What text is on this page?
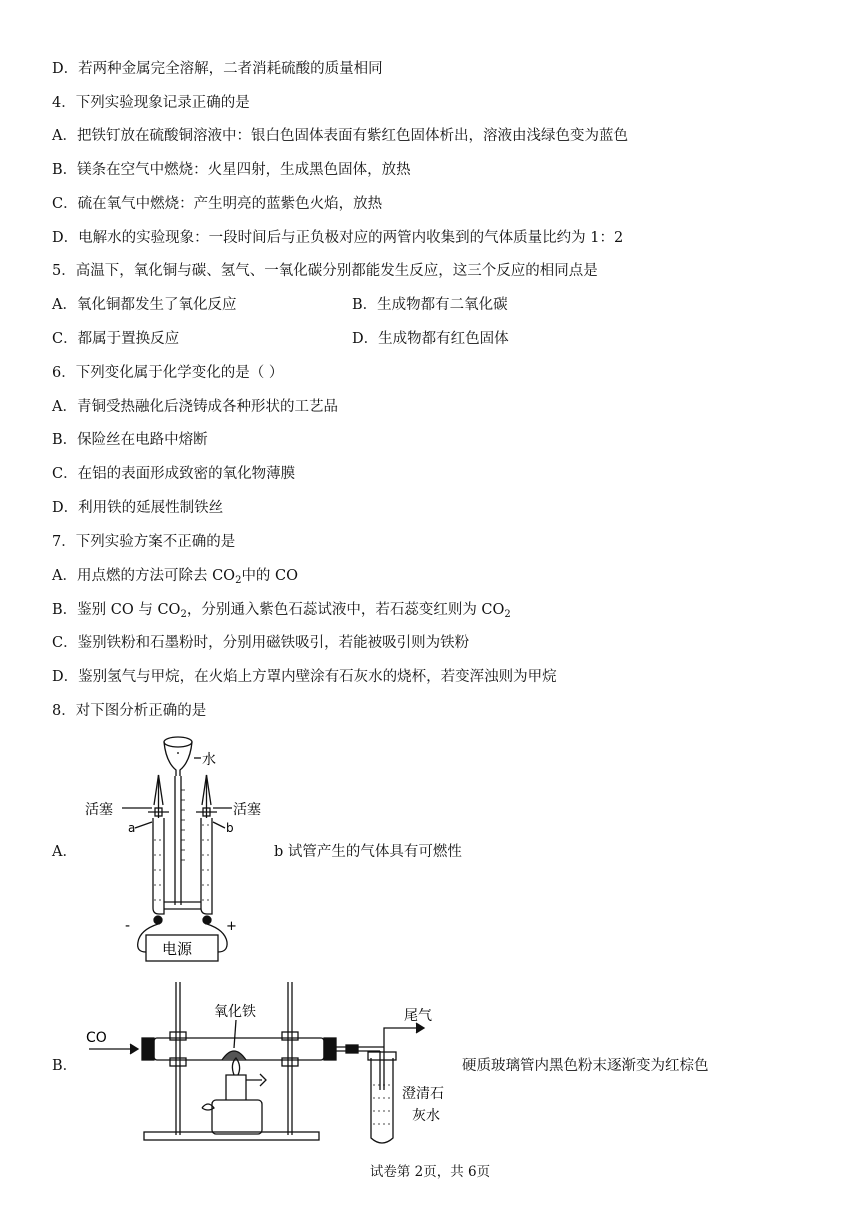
D．若两种金属完全溶解，二者消耗硫酸的质量相同
4．下列实验现象记录正确的是
A．把铁钉放在硫酸铜溶液中：银白色固体表面有紫红色固体析出，溶液由浅绿色变为蓝色
B．镁条在空气中燃烧：火星四射，生成黑色固体，放热
C．硫在氧气中燃烧：产生明亮的蓝紫色火焰，放热
D．电解水的实验现象：一段时间后与正负极对应的两管内收集到的气体质量比约为 1：2
5．高温下，氧化铜与碳、氢气、一氧化碳分别都能发生反应，这三个反应的相同点是
A．氧化铜都发生了氧化反应	B．生成物都有二氧化碳
C．都属于置换反应	D．生成物都有红色固体
6．下列变化属于化学变化的是（ ）
A．青铜受热融化后浇铸成各种形状的工艺品
B．保险丝在电路中熔断
C．在铝的表面形成致密的氧化物薄膜
D．利用铁的延展性制铁丝
7．下列实验方案不正确的是
A．用点燃的方法可除去 $CO_2$中的 CO
B．鉴别 CO 与 $CO_2$，分别通入紫色石蕊试液中，若石蕊变红则为 $CO_2$
C．鉴别铁粉和石墨粉时，分别用磁铁吸引，若能被吸引则为铁粉
D．鉴别氢气与甲烷，在火焰上方罩内壁涂有石灰水的烧杯，若变浑浊则为甲烷
8．对下图分析正确的是
A．
水
活塞	活塞
a	b
-	+
电源
b 试管产生的气体具有可燃性
B．
CO
氧化铁	尾气
澄清石
灰水
硬质玻璃管内黑色粉末逐渐变为红棕色
试卷第 2页，共 6页
